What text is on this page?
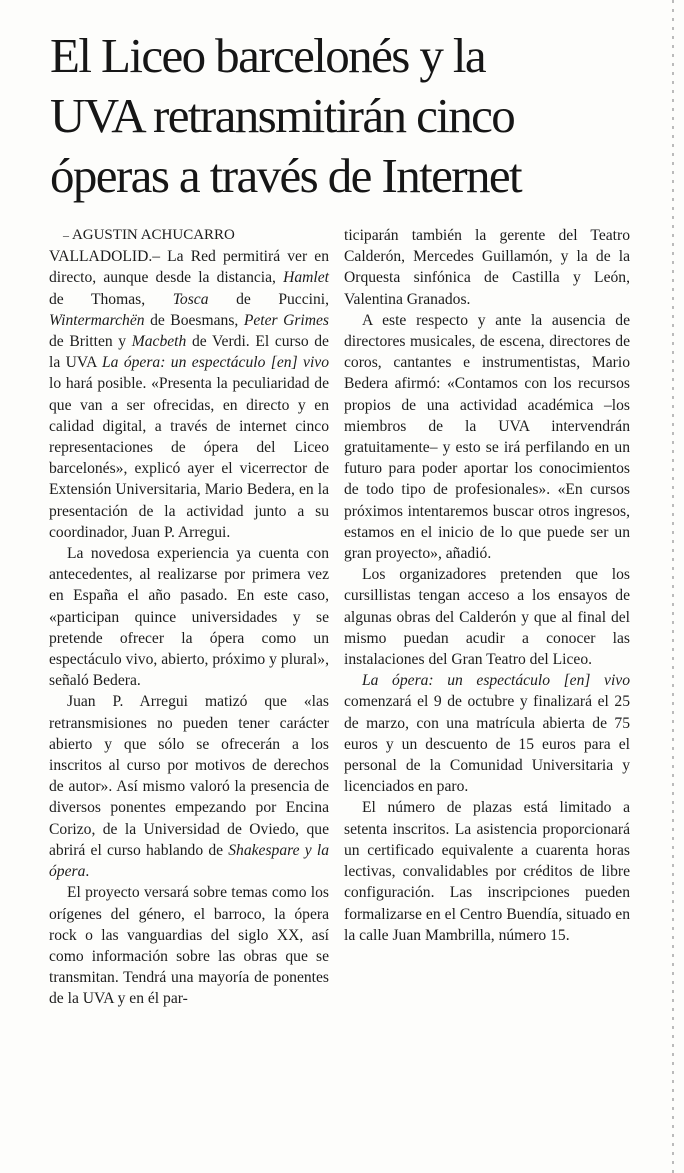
El Liceo barcelonés y la
UVA retransmitirán cinco
óperas a través de Internet

– AGUSTIN ACHUCARRO

VALLADOLID.– La Red permitirá ver en directo, aunque desde la distancia, Hamlet de Thomas, Tosca de Puccini, Wintermarchën de Boesmans, Peter Grimes de Britten y Macbeth de Verdi. El curso de la UVA La ópera: un espectáculo [en] vivo lo hará posible. «Presenta la peculiaridad de que van a ser ofrecidas, en directo y en calidad digital, a través de internet cinco representaciones de ópera del Liceo barcelonés», explicó ayer el vicerrector de Extensión Universitaria, Mario Bedera, en la presentación de la actividad junto a su coordinador, Juan P. Arregui.

La novedosa experiencia ya cuenta con antecedentes, al realizarse por primera vez en España el año pasado. En este caso, «participan quince universidades y se pretende ofrecer la ópera como un espectáculo vivo, abierto, próximo y plural», señaló Bedera.

Juan P. Arregui matizó que «las retransmisiones no pueden tener carácter abierto y que sólo se ofrecerán a los inscritos al curso por motivos de derechos de autor». Así mismo valoró la presencia de diversos ponentes empezando por Encina Corizo, de la Universidad de Oviedo, que abrirá el curso hablando de Shakespare y la ópera.

El proyecto versará sobre temas como los orígenes del género, el barroco, la ópera rock o las vanguardias del siglo XX, así como información sobre las obras que se transmitan. Tendrá una mayoría de ponentes de la UVA y en él par-

ticiparán también la gerente del Teatro Calderón, Mercedes Guillamón, y la de la Orquesta sinfónica de Castilla y León, Valentina Granados.

A este respecto y ante la ausencia de directores musicales, de escena, directores de coros, cantantes e instrumentistas, Mario Bedera afirmó: «Contamos con los recursos propios de una actividad académica –los miembros de la UVA intervendrán gratuitamente– y esto se irá perfilando en un futuro para poder aportar los conocimientos de todo tipo de profesionales». «En cursos próximos intentaremos buscar otros ingresos, estamos en el inicio de lo que puede ser un gran proyecto», añadió.

Los organizadores pretenden que los cursillistas tengan acceso a los ensayos de algunas obras del Calderón y que al final del mismo puedan acudir a conocer las instalaciones del Gran Teatro del Liceo.

La ópera: un espectáculo [en] vivo comenzará el 9 de octubre y finalizará el 25 de marzo, con una matrícula abierta de 75 euros y un descuento de 15 euros para el personal de la Comunidad Universitaria y licenciados en paro.

El número de plazas está limitado a setenta inscritos. La asistencia proporcionará un certificado equivalente a cuarenta horas lectivas, convalidables por créditos de libre configuración. Las inscripciones pueden formalizarse en el Centro Buendía, situado en la calle Juan Mambrilla, número 15.
